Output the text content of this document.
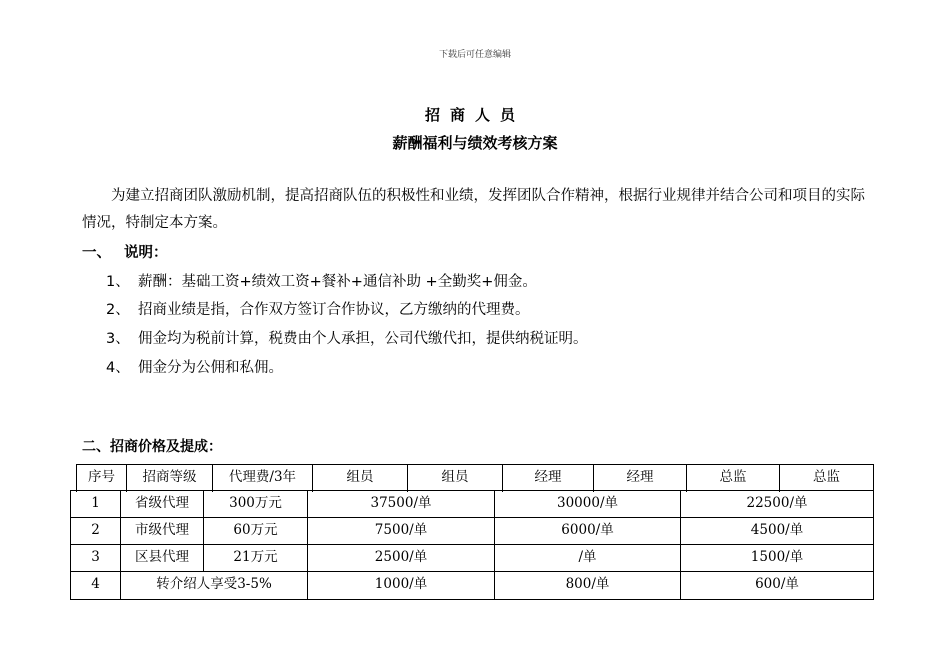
下载后可任意编辑
招商人员
薪酬福利与绩效考核方案
为建立招商团队激励机制，提高招商队伍的积极性和业绩，发挥团队合作精神，根据行业规律并结合公司和项目的实际情况，特制定本方案。
一、 说明：
1、 薪酬：基础工资+绩效工资+餐补+通信补助 +全勤奖+佣金。
2、 招商业绩是指，合作双方签订合作协议，乙方缴纳的代理费。
3、 佣金均为税前计算，税费由个人承担，公司代缴代扣，提供纳税证明。
4、 佣金分为公佣和私佣。
二、招商价格及提成：
序号	招商等级	代理费/3年	组员	组员	经理	经理	总监	总监
1	省级代理	300万元	37500/单	30000/单	22500/单
2	市级代理	60万元	7500/单	6000/单	4500/单
3	区县代理	21万元	2500/单	/单	1500/单
4	转介绍人享受3-5%	1000/单	800/单	600/单
